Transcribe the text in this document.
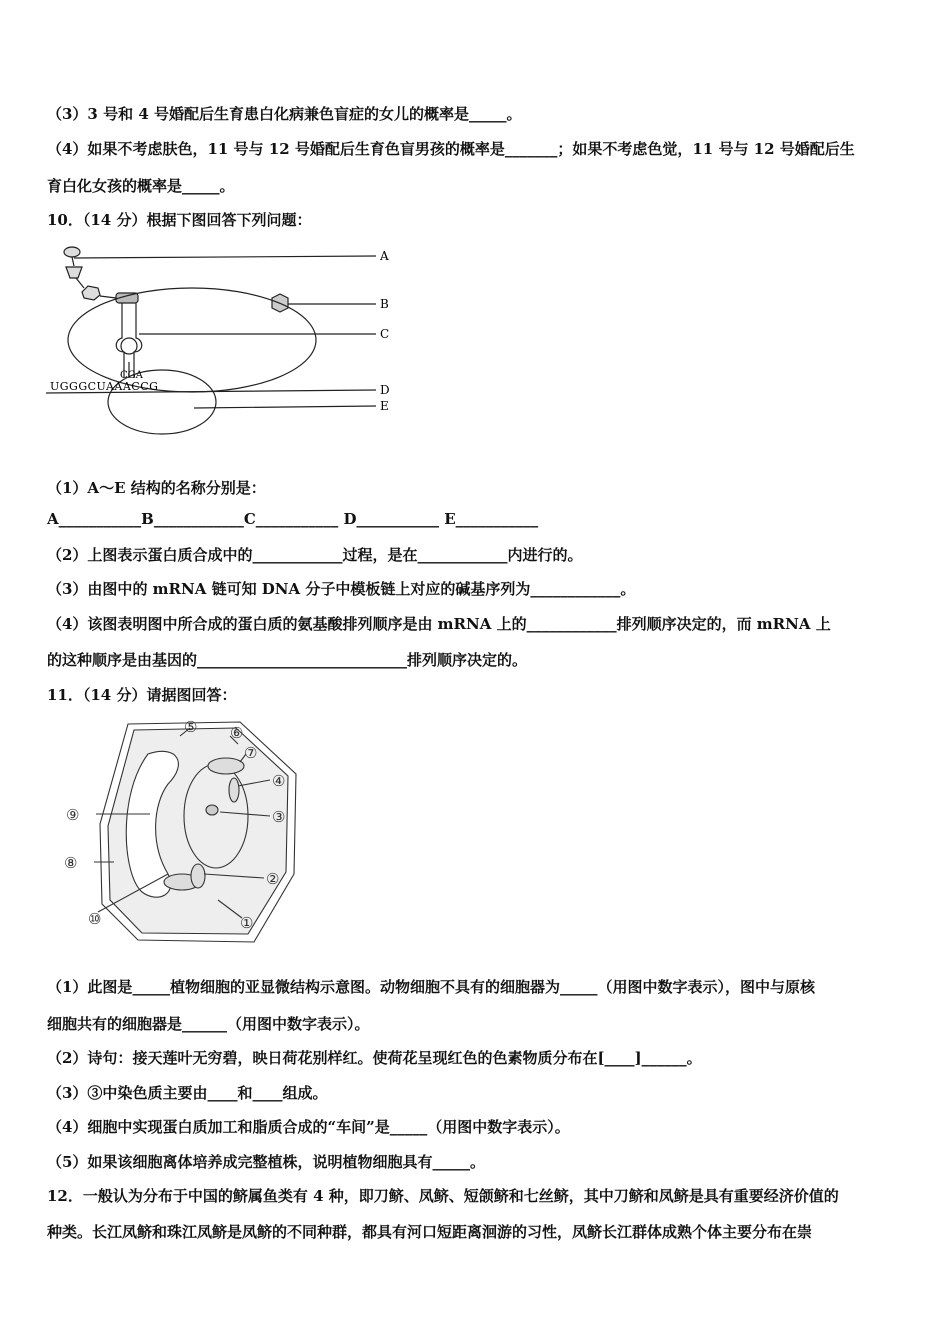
（3）3 号和 4 号婚配后生育患白化病兼色盲症的女儿的概率是_____。
（4）如果不考虑肤色，11 号与 12 号婚配后生育色盲男孩的概率是_______；如果不考虑色觉，11 号与 12 号婚配后生
育白化女孩的概率是_____。
10．（14 分）根据下图回答下列问题：
CGA
UGGGCUAAACCG
A
B
C
D
E
（1）A～E 结构的名称分别是：
A___________B____________C___________ D___________ E___________
（2）上图表示蛋白质合成中的____________过程，是在____________内进行的。
（3）由图中的 mRNA 链可知 DNA 分子中模板链上对应的碱基序列为____________。
（4）该图表明图中所合成的蛋白质的氨基酸排列顺序是由 mRNA 上的____________排列顺序决定的，而 mRNA 上
的这种顺序是由基因的____________________________排列顺序决定的。
11．（14 分）请据图回答：
⑤ ⑥
⑦
④
③
②
①
⑨
⑧
⑩
（1）此图是_____植物细胞的亚显微结构示意图。动物细胞不具有的细胞器为_____（用图中数字表示），图中与原核
细胞共有的细胞器是______（用图中数字表示）。
（2）诗句：接天莲叶无穷碧，映日荷花别样红。使荷花呈现红色的色素物质分布在[____]______。
（3）③中染色质主要由____和____组成。
（4）细胞中实现蛋白质加工和脂质合成的“车间”是_____（用图中数字表示）。
（5）如果该细胞离体培养成完整植株，说明植物细胞具有_____。
12．一般认为分布于中国的鲚属鱼类有 4 种，即刀鲚、凤鲚、短颌鲚和七丝鲚，其中刀鲚和凤鲚是具有重要经济价值的
种类。长江凤鲚和珠江凤鲚是凤鲚的不同种群，都具有河口短距离洄游的习性，凤鲚长江群体成熟个体主要分布在崇
